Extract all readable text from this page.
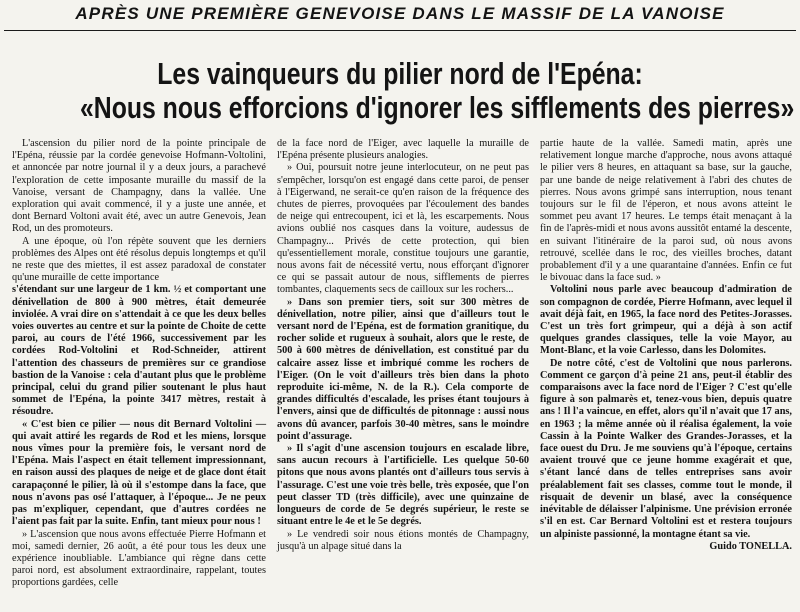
APRÈS UNE PREMIÈRE GENEVOISE DANS LE MASSIF DE LA VANOISE
Les vainqueurs du pilier nord de l'Epéna:
«Nous nous efforcions d'ignorer les sifflements des pierres»

L'ascension du pilier nord de la pointe principale de l'Epéna, réussie par la cordée genevoise Hofmann-Voltolini, et annoncée par notre journal il y a deux jours, a parachevé l'exploration de cette imposante muraille du massif de la Vanoise, versant de Champagny, dans la vallée. Une exploration qui avait commencé, il y a juste une année, et dont Bernard Voltoni avait été, avec un autre Genevois, Jean Rod, un des promoteurs.

A une époque, où l'on répète souvent que les derniers problèmes des Alpes ont été résolus depuis longtemps et qu'il ne reste que des miettes, il est assez paradoxal de constater qu'une muraille de cette importance

s'étendant sur une largeur de 1 km. ½ et comportant une dénivellation de 800 à 900 mètres, était demeurée inviolée. A vrai dire on s'attendait à ce que les deux belles voies ouvertes au centre et sur la pointe de Choite de cette paroi, au cours de l'été 1966, successivement par les cordées Rod-Voltolini et Rod-Schneider, attirent l'attention des chasseurs de premières sur ce grandiose bastion de la Vanoise : cela d'autant plus que le problème principal, celui du grand pilier soutenant le plus haut sommet de l'Epéna, la pointe 3417 mètres, restait à résoudre.

« C'est bien ce pilier — nous dit Bernard Voltolini — qui avait attiré les regards de Rod et les miens, lorsque nous vîmes pour la première fois, le versant nord de l'Epéna. Mais l'aspect en était tellement impressionnant, en raison aussi des plaques de neige et de glace dont était carapaçonné le pilier, là où il s'estompe dans la face, que nous n'avons pas osé l'attaquer, à l'époque... Je ne peux pas m'expliquer, cependant, que d'autres cordées ne l'aient pas fait par la suite. Enfin, tant mieux pour nous !

» L'ascension que nous avons effectuée Pierre Hofmann et moi, samedi dernier, 26 août, a été pour tous les deux une expérience inoubliable. L'ambiance qui règne dans cette paroi nord, est absolument extraordinaire, rappelant, toutes proportions gardées, celle

de la face nord de l'Eiger, avec laquelle la muraille de l'Epéna présente plusieurs analogies.

» Oui, poursuit notre jeune interlocuteur, on ne peut pas s'empêcher, lorsqu'on est engagé dans cette paroi, de penser à l'Eigerwand, ne serait-ce qu'en raison de la fréquence des chutes de pierres, provoquées par l'écoulement des bandes de neige qui entrecoupent, ici et là, les escarpements. Nous avions oublié nos casques dans la voiture, audessus de Champagny... Privés de cette protection, qui bien qu'essentiellement morale, constitue toujours une garantie, nous avons fait de nécessité vertu, nous efforçant d'ignorer ce qui se passait autour de nous, sifflements de pierres tombantes, claquements secs de cailloux sur les rochers...

» Dans son premier tiers, soit sur 300 mètres de dénivellation, notre pilier, ainsi que d'ailleurs tout le versant nord de l'Epéna, est de formation granitique, du rocher solide et rugueux à souhait, alors que le reste, de 500 à 600 mètres de dénivellation, est constitué par du calcaire assez lisse et imbriqué comme les rochers de l'Eiger. (On le voit d'ailleurs très bien dans la photo reproduite ici-même, N. de la R.). Cela comporte de grandes difficultés d'escalade, les prises étant toujours à l'envers, ainsi que de difficultés de pitonnage : aussi nous avons dû avancer, parfois 30-40 mètres, sans le moindre point d'assurage.

» Il s'agit d'une ascension toujours en escalade libre, sans aucun recours à l'artificielle. Les quelque 50-60 pitons que nous avons plantés ont d'ailleurs tous servis à l'assurage. C'est une voie très belle, très exposée, que l'on peut classer TD (très difficile), avec une quinzaine de longueurs de corde de 5e degrés supérieur, le reste se situant entre le 4e et le 5e degrés.

» Le vendredi soir nous étions montés de Champagny, jusqu'à un alpage situé dans la

partie haute de la vallée. Samedi matin, après une relativement longue marche d'approche, nous avons attaqué le pilier vers 8 heures, en attaquant sa base, sur la gauche, par une bande de neige relativement à l'abri des chutes de pierres. Nous avons grimpé sans interruption, nous tenant toujours sur le fil de l'éperon, et nous avons atteint le sommet peu avant 17 heures. Le temps était menaçant à la fin de l'après-midi et nous avons aussitôt entamé la descente, en suivant l'itinéraire de la paroi sud, où nous avons retrouvé, scellée dans le roc, des vieilles broches, datant probablement d'il y a une quarantaine d'années. Enfin ce fut le bivouac dans la face sud. »

Voltolini nous parle avec beaucoup d'admiration de son compagnon de cordée, Pierre Hofmann, avec lequel il avait déjà fait, en 1965, la face nord des Petites-Jorasses. C'est un très fort grimpeur, qui a déjà à son actif quelques grandes classiques, telle la voie Mayor, au Mont-Blanc, et la voie Carlesso, dans les Dolomites.

De notre côté, c'est de Voltolini que nous parlerons. Comment ce garçon d'à peine 21 ans, peut-il établir des comparaisons avec la face nord de l'Eiger ? C'est qu'elle figure à son palmarès et, tenez-vous bien, depuis quatre ans ! Il l'a vaincue, en effet, alors qu'il n'avait que 17 ans, en 1963 ; la même année où il réalisa également, la voie Cassin à la Pointe Walker des Grandes-Jorasses, et la face ouest du Dru. Je me souviens qu'à l'époque, certains avaient trouvé que ce jeune homme exagérait et que, s'étant lancé dans de telles entreprises sans avoir préalablement fait ses classes, comme tout le monde, il risquait de devenir un blasé, avec la conséquence inévitable de délaisser l'alpinisme. Une prévision erronée s'il en est. Car Bernard Voltolini est et restera toujours un alpiniste passionné, la montagne étant sa vie.

Guido TONELLA.
